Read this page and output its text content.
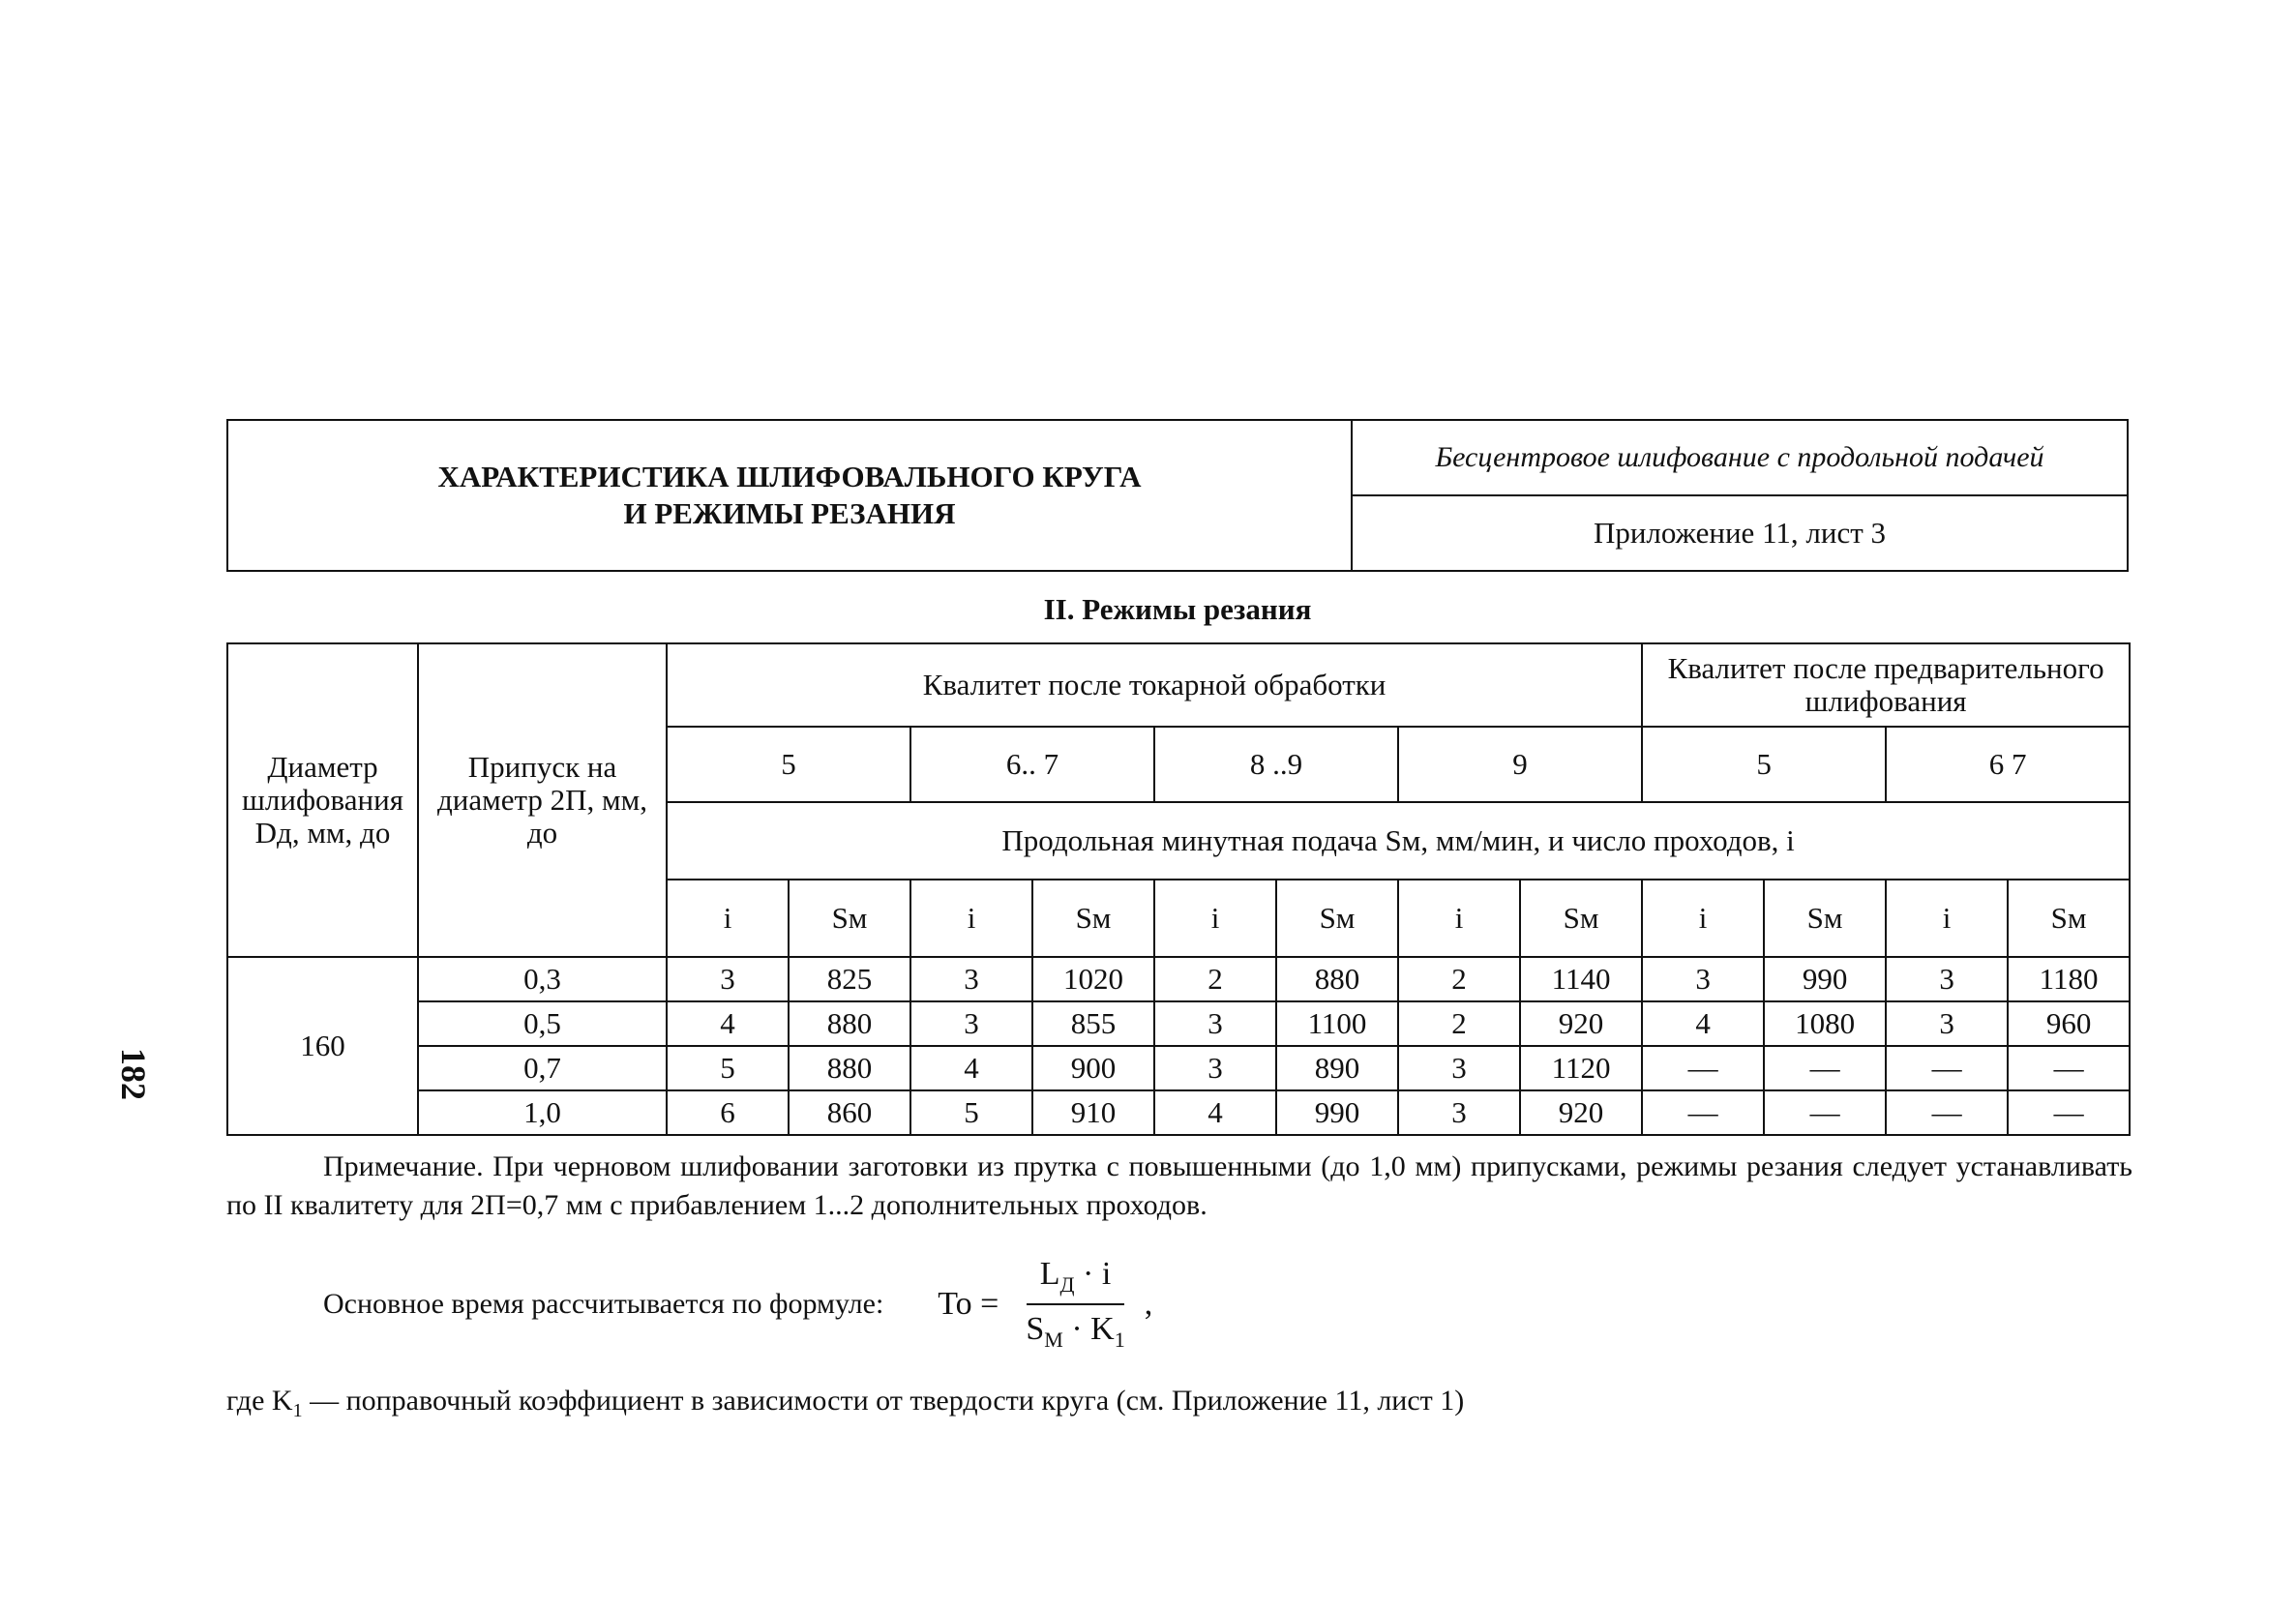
182
ХАРАКТЕРИСТИКА ШЛИФОВАЛЬНОГО КРУГА
И РЕЖИМЫ РЕЗАНИЯ
Бесцентровое шлифование с продольной подачей
Приложение 11, лист 3
II. Режимы резания
Диаметр шлифования Dд, мм, до	Припуск на диаметр 2П, мм, до	Квалитет после токарной обработки								Квалитет после предварительного шлифования			
		5		6.. 7		8 ..9		9		5		6 7	
		Продольная минутная подача Sм, мм/мин, и число проходов, i											
		i	Sм	i	Sм	i	Sм	i	Sм	i	Sм	i	Sм
160	0,3	3	825	3	1020	2	880	2	1140	3	990	3	1180
	0,5	4	880	3	855	3	1100	2	920	4	1080	3	960
	0,7	5	880	4	900	3	890	3	1120	—	—	—	—
	1,0	6	860	5	910	4	990	3	920	—	—	—	—
Примечание. При черновом шлифовании заготовки из прутка с повышенными (до 1,0 мм) припусками, режимы резания следует устанавливать по II квалитету для 2П=0,7 мм с прибавлением 1...2 дополнительных проходов.
Основное время рассчитывается по формуле: $To = \frac{L_Д \cdot i}{S_M \cdot K_1}$ ,
где $K_1$ — поправочный коэффициент в зависимости от твердости круга (см. Приложение 11, лист 1)
